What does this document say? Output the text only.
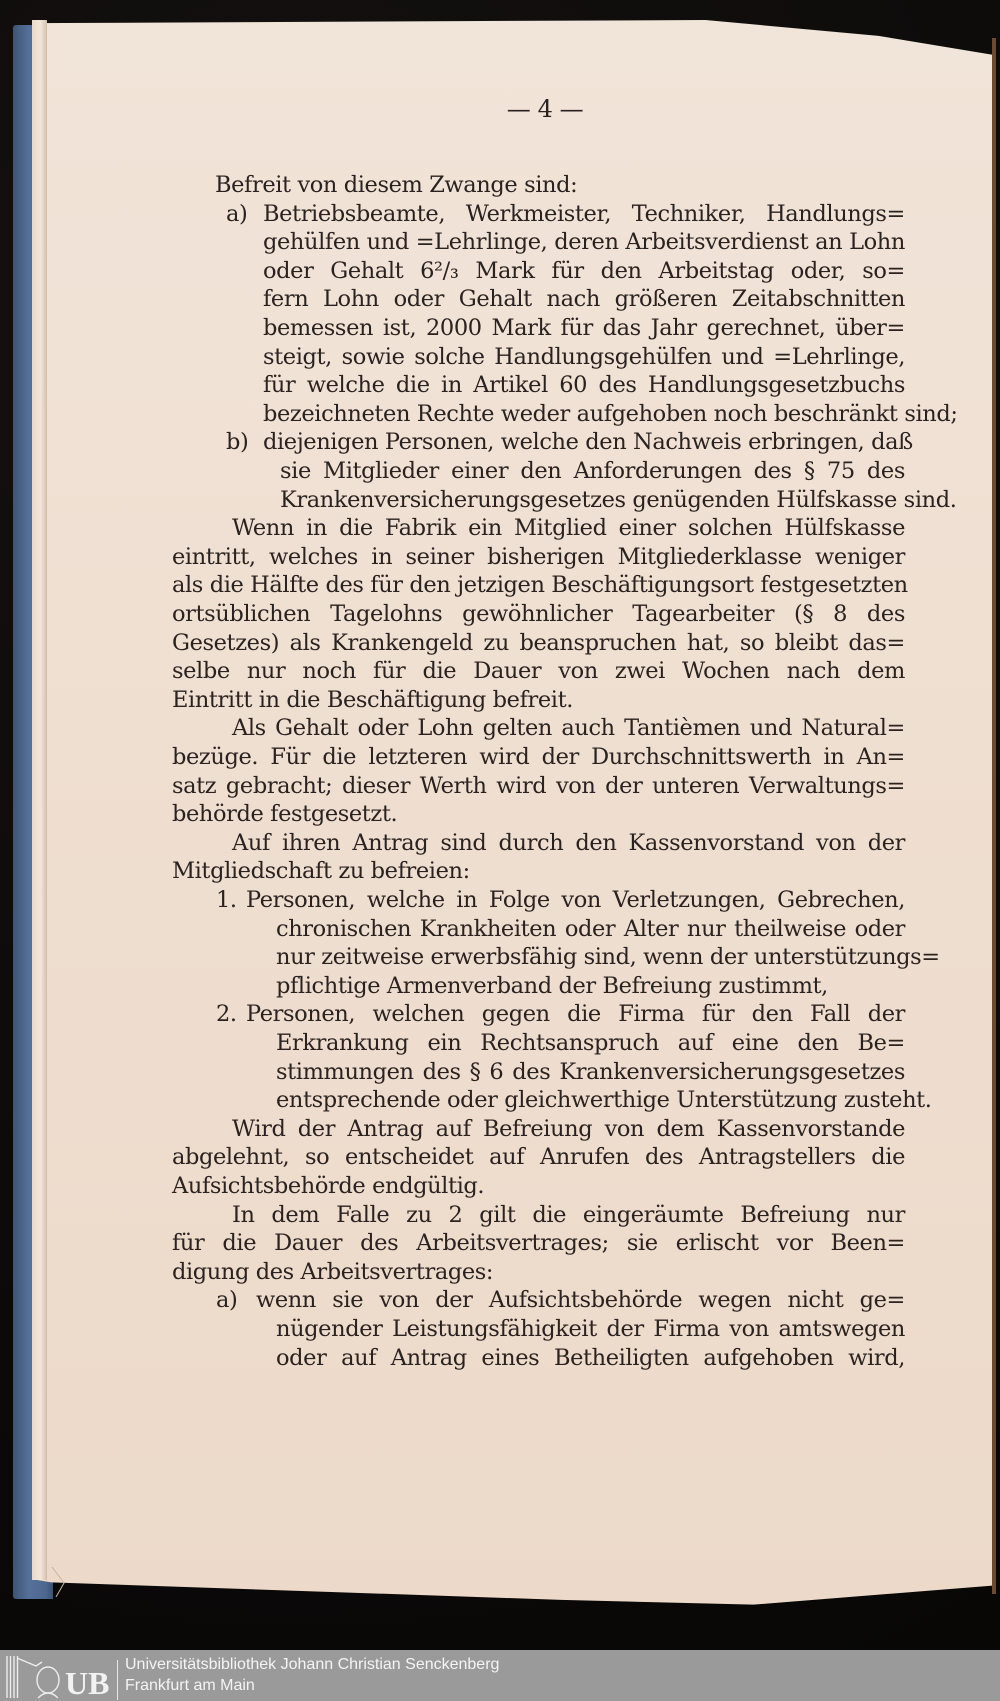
— 4 —
Befreit von diesem Zwange sind:
a) Betriebsbeamte, Werkmeister, Techniker, Handlungs=
gehülfen und =Lehrlinge, deren Arbeitsverdienst an Lohn
oder Gehalt 6²/₃ Mark für den Arbeitstag oder, so=
fern Lohn oder Gehalt nach größeren Zeitabschnitten
bemessen ist, 2000 Mark für das Jahr gerechnet, über=
steigt, sowie solche Handlungsgehülfen und =Lehrlinge,
für welche die in Artikel 60 des Handlungsgesetzbuchs
bezeichneten Rechte weder aufgehoben noch beschränkt sind;
b) diejenigen Personen, welche den Nachweis erbringen, daß
sie Mitglieder einer den Anforderungen des § 75 des
Krankenversicherungsgesetzes genügenden Hülfskasse sind.
Wenn in die Fabrik ein Mitglied einer solchen Hülfskasse
eintritt, welches in seiner bisherigen Mitgliederklasse weniger
als die Hälfte des für den jetzigen Beschäftigungsort festgesetzten
ortsüblichen Tagelohns gewöhnlicher Tagearbeiter (§ 8 des
Gesetzes) als Krankengeld zu beanspruchen hat, so bleibt das=
selbe nur noch für die Dauer von zwei Wochen nach dem
Eintritt in die Beschäftigung befreit.
Als Gehalt oder Lohn gelten auch Tantièmen und Natural=
bezüge. Für die letzteren wird der Durchschnittswerth in An=
satz gebracht; dieser Werth wird von der unteren Verwaltungs=
behörde festgesetzt.
Auf ihren Antrag sind durch den Kassenvorstand von der
Mitgliedschaft zu befreien:
1. Personen, welche in Folge von Verletzungen, Gebrechen,
chronischen Krankheiten oder Alter nur theilweise oder
nur zeitweise erwerbsfähig sind, wenn der unterstützungs=
pflichtige Armenverband der Befreiung zustimmt,
2. Personen, welchen gegen die Firma für den Fall der
Erkrankung ein Rechtsanspruch auf eine den Be=
stimmungen des § 6 des Krankenversicherungsgesetzes
entsprechende oder gleichwerthige Unterstützung zusteht.
Wird der Antrag auf Befreiung von dem Kassenvorstande
abgelehnt, so entscheidet auf Anrufen des Antragstellers die
Aufsichtsbehörde endgültig.
In dem Falle zu 2 gilt die eingeräumte Befreiung nur
für die Dauer des Arbeitsvertrages; sie erlischt vor Been=
digung des Arbeitsvertrages:
a) wenn sie von der Aufsichtsbehörde wegen nicht ge=
nügender Leistungsfähigkeit der Firma von amtswegen
oder auf Antrag eines Betheiligten aufgehoben wird,
UB
Universitätsbibliothek Johann Christian Senckenberg
Frankfurt am Main
